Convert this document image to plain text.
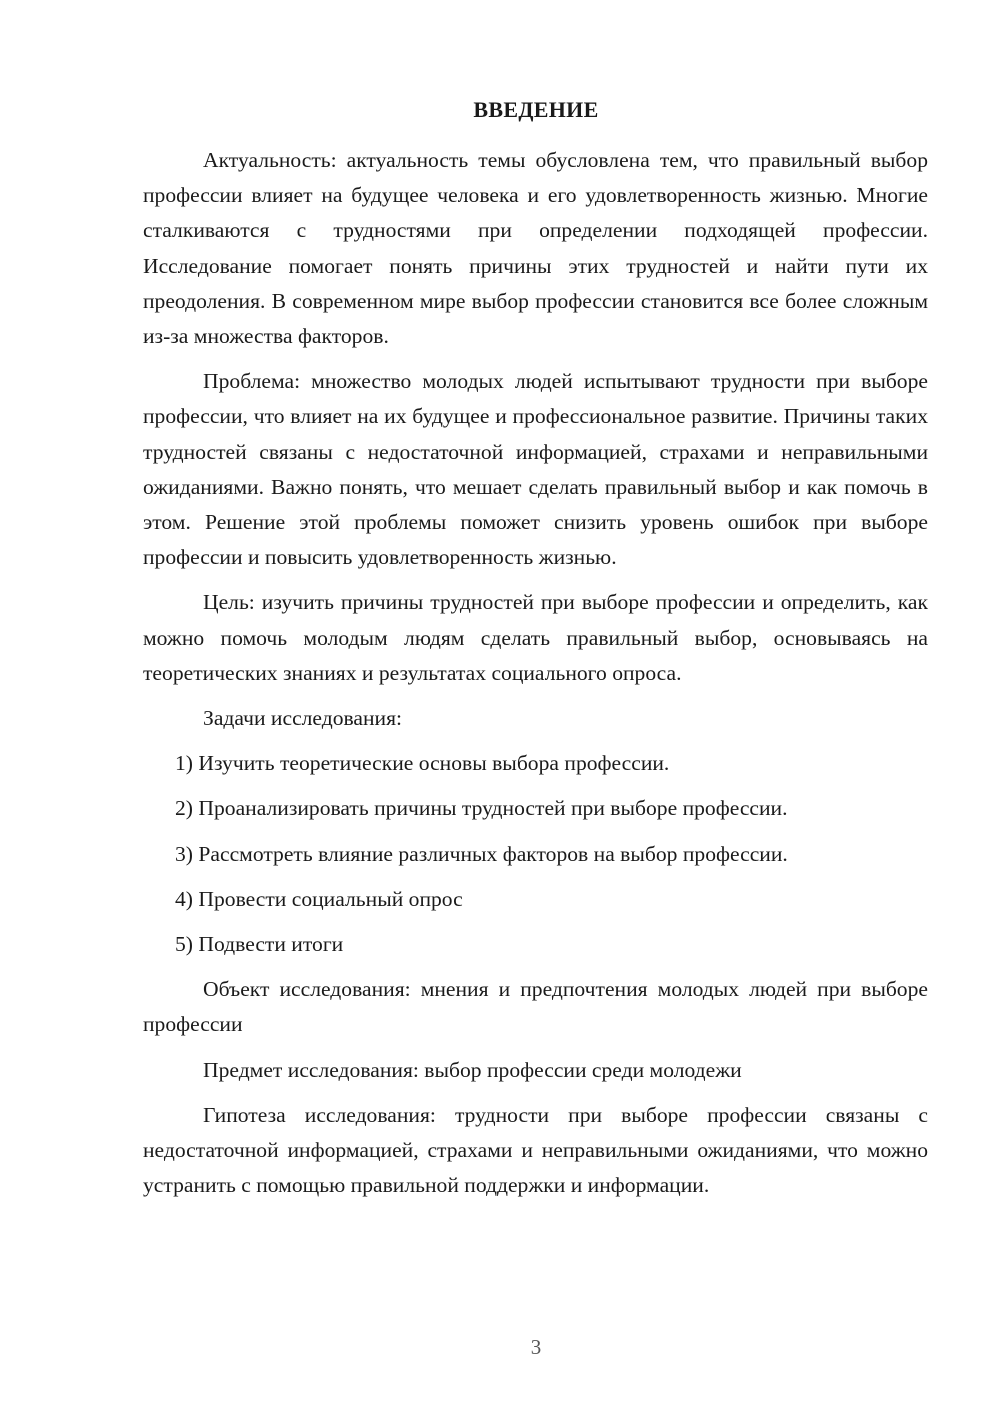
ВВЕДЕНИЕ

Актуальность: актуальность темы обусловлена тем, что правильный выбор профессии влияет на будущее человека и его удовлетворенность жизнью. Многие сталкиваются с трудностями при определении подходящей профессии. Исследование помогает понять причины этих трудностей и найти пути их преодоления. В современном мире выбор профессии становится все более сложным из-за множества факторов.

Проблема: множество молодых людей испытывают трудности при выборе профессии, что влияет на их будущее и профессиональное развитие. Причины таких трудностей связаны с недостаточной информацией, страхами и неправильными ожиданиями. Важно понять, что мешает сделать правильный выбор и как помочь в этом. Решение этой проблемы поможет снизить уровень ошибок при выборе профессии и повысить удовлетворенность жизнью.

Цель: изучить причины трудностей при выборе профессии и определить, как можно помочь молодым людям сделать правильный выбор, основываясь на теоретических знаниях и результатах социального опроса.

Задачи исследования:

1) Изучить теоретические основы выбора профессии.

2) Проанализировать причины трудностей при выборе профессии.

3) Рассмотреть влияние различных факторов на выбор профессии.

4) Провести социальный опрос

5) Подвести итоги

Объект исследования: мнения и предпочтения молодых людей при выборе профессии

Предмет исследования: выбор профессии среди молодежи

Гипотеза исследования: трудности при выборе профессии связаны с недостаточной информацией, страхами и неправильными ожиданиями, что можно устранить с помощью правильной поддержки и информации.

3
